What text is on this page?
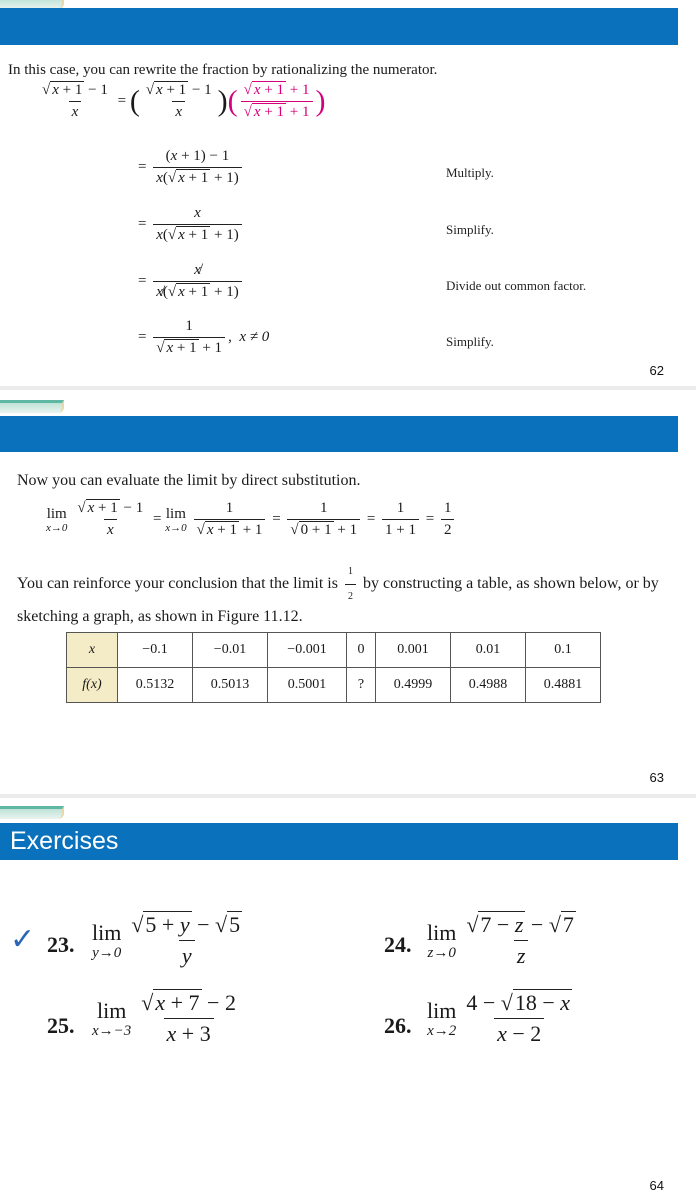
In this case, you can rewrite the fraction by rationalizing the numerator.
$\frac{√ x + 1 - 1}{x}$ = ( $\frac{√ x + 1 - 1}{x}$ )( $\frac{√ x + 1 + 1}{√ x + 1 + 1}$ )
= $\frac{(x + 1) - 1}{x(√ x + 1 + 1)}$	Multiply.
= $\frac{x}{x(√ x + 1 + 1)}$	Simplify.
= $\frac{x̸}{x̸(√ x + 1 + 1)}$	Divide out common factor.
= $\frac{1}{√ x + 1 + 1}$ ,  x ≠ 0	Simplify.
62
Now you can evaluate the limit by direct substitution.
lim
$x\to 0 \frac{√ x + 1 - 1}{x} = \lim$
$x\to 0 \frac{1}{√ x + 1 + 1} = \frac{1}{√ 0 + 1 + 1} = \frac{1}{1 + 1} = \frac{1}{2}$
You can reinforce your conclusion that the limit is $\frac{1}{2}$ by constructing a table, as shown below, or by sketching a graph, as shown in Figure 11.12.
x	−0.1	−0.01	−0.001	0	0.001	0.01	0.1
f(x)	0.5132	0.5013	0.5001	?	0.4999	0.4988	0.4881
63
Exercises
✓ 23. lim
$y\to 0 \frac{√5 + y - √5}{y}$	24. lim
$z\to 0 \frac{√7 - z - √7}{z}$
25.
lim
$x\to-3 \frac{√x + 7 - 2}{x + 3}$	26.
lim
$x\to 2 \frac{4 - √18 - x}{x - 2}$
64
